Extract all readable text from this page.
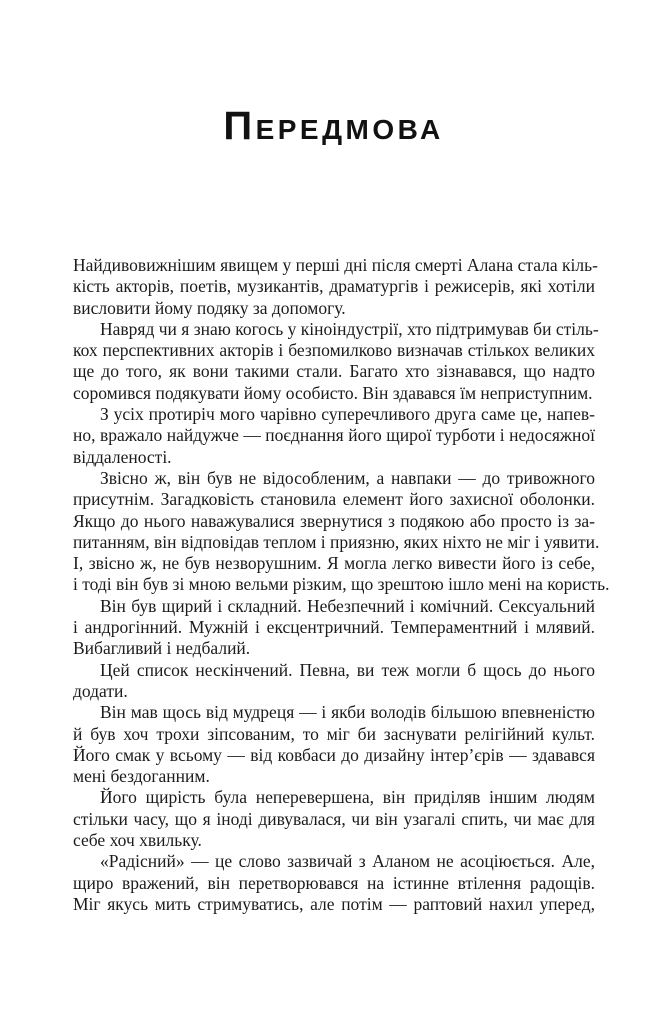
ПЕРЕДМОВА
Найдивовижнішим явищем у перші дні після смерті Алана стала кіль-
кість акторів, поетів, музикантів, драматургів і режисерів, які хотіли
висловити йому подяку за допомогу.
Навряд чи я знаю когось у кіноіндустрії, хто підтримував би стіль-
кох перспективних акторів і безпомилково визначав стількох великих
ще до того, як вони такими стали. Багато хто зізнавався, що надто
соромився подякувати йому особисто. Він здавався їм неприступним.
З усіх протиріч мого чарівно суперечливого друга саме це, напев-
но, вражало найдужче — поєднання його щирої турботи і недосяжної
віддаленості.
Звісно ж, він був не відособленим, а навпаки — до тривожного
присутнім. Загадковість становила елемент його захисної оболонки.
Якщо до нього наважувалися звернутися з подякою або просто із за-
питанням, він відповідав теплом і приязню, яких ніхто не міг і уявити.
І, звісно ж, не був незворушним. Я могла легко вивести його із себе,
і тоді він був зі мною вельми різким, що зрештою ішло мені на користь.
Він був щирий і складний. Небезпечний і комічний. Сексуальний
і андрогінний. Мужній і ексцентричний. Темпераментний і млявий.
Вибагливий і недбалий.
Цей список нескінчений. Певна, ви теж могли б щось до нього
додати.
Він мав щось від мудреця — і якби володів більшою впевненістю
й був хоч трохи зіпсованим, то міг би заснувати релігійний культ.
Його смак у всьому — від ковбаси до дизайну інтер’єрів — здавався
мені бездоганним.
Його щирість була неперевершена, він приділяв іншим людям
стільки часу, що я іноді дивувалася, чи він узагалі спить, чи має для
себе хоч хвильку.
«Радісний» — це слово зазвичай з Аланом не асоціюється. Але,
щиро вражений, він перетворювався на істинне втілення радощів.
Міг якусь мить стримуватись, але потім — раптовий нахил уперед,
